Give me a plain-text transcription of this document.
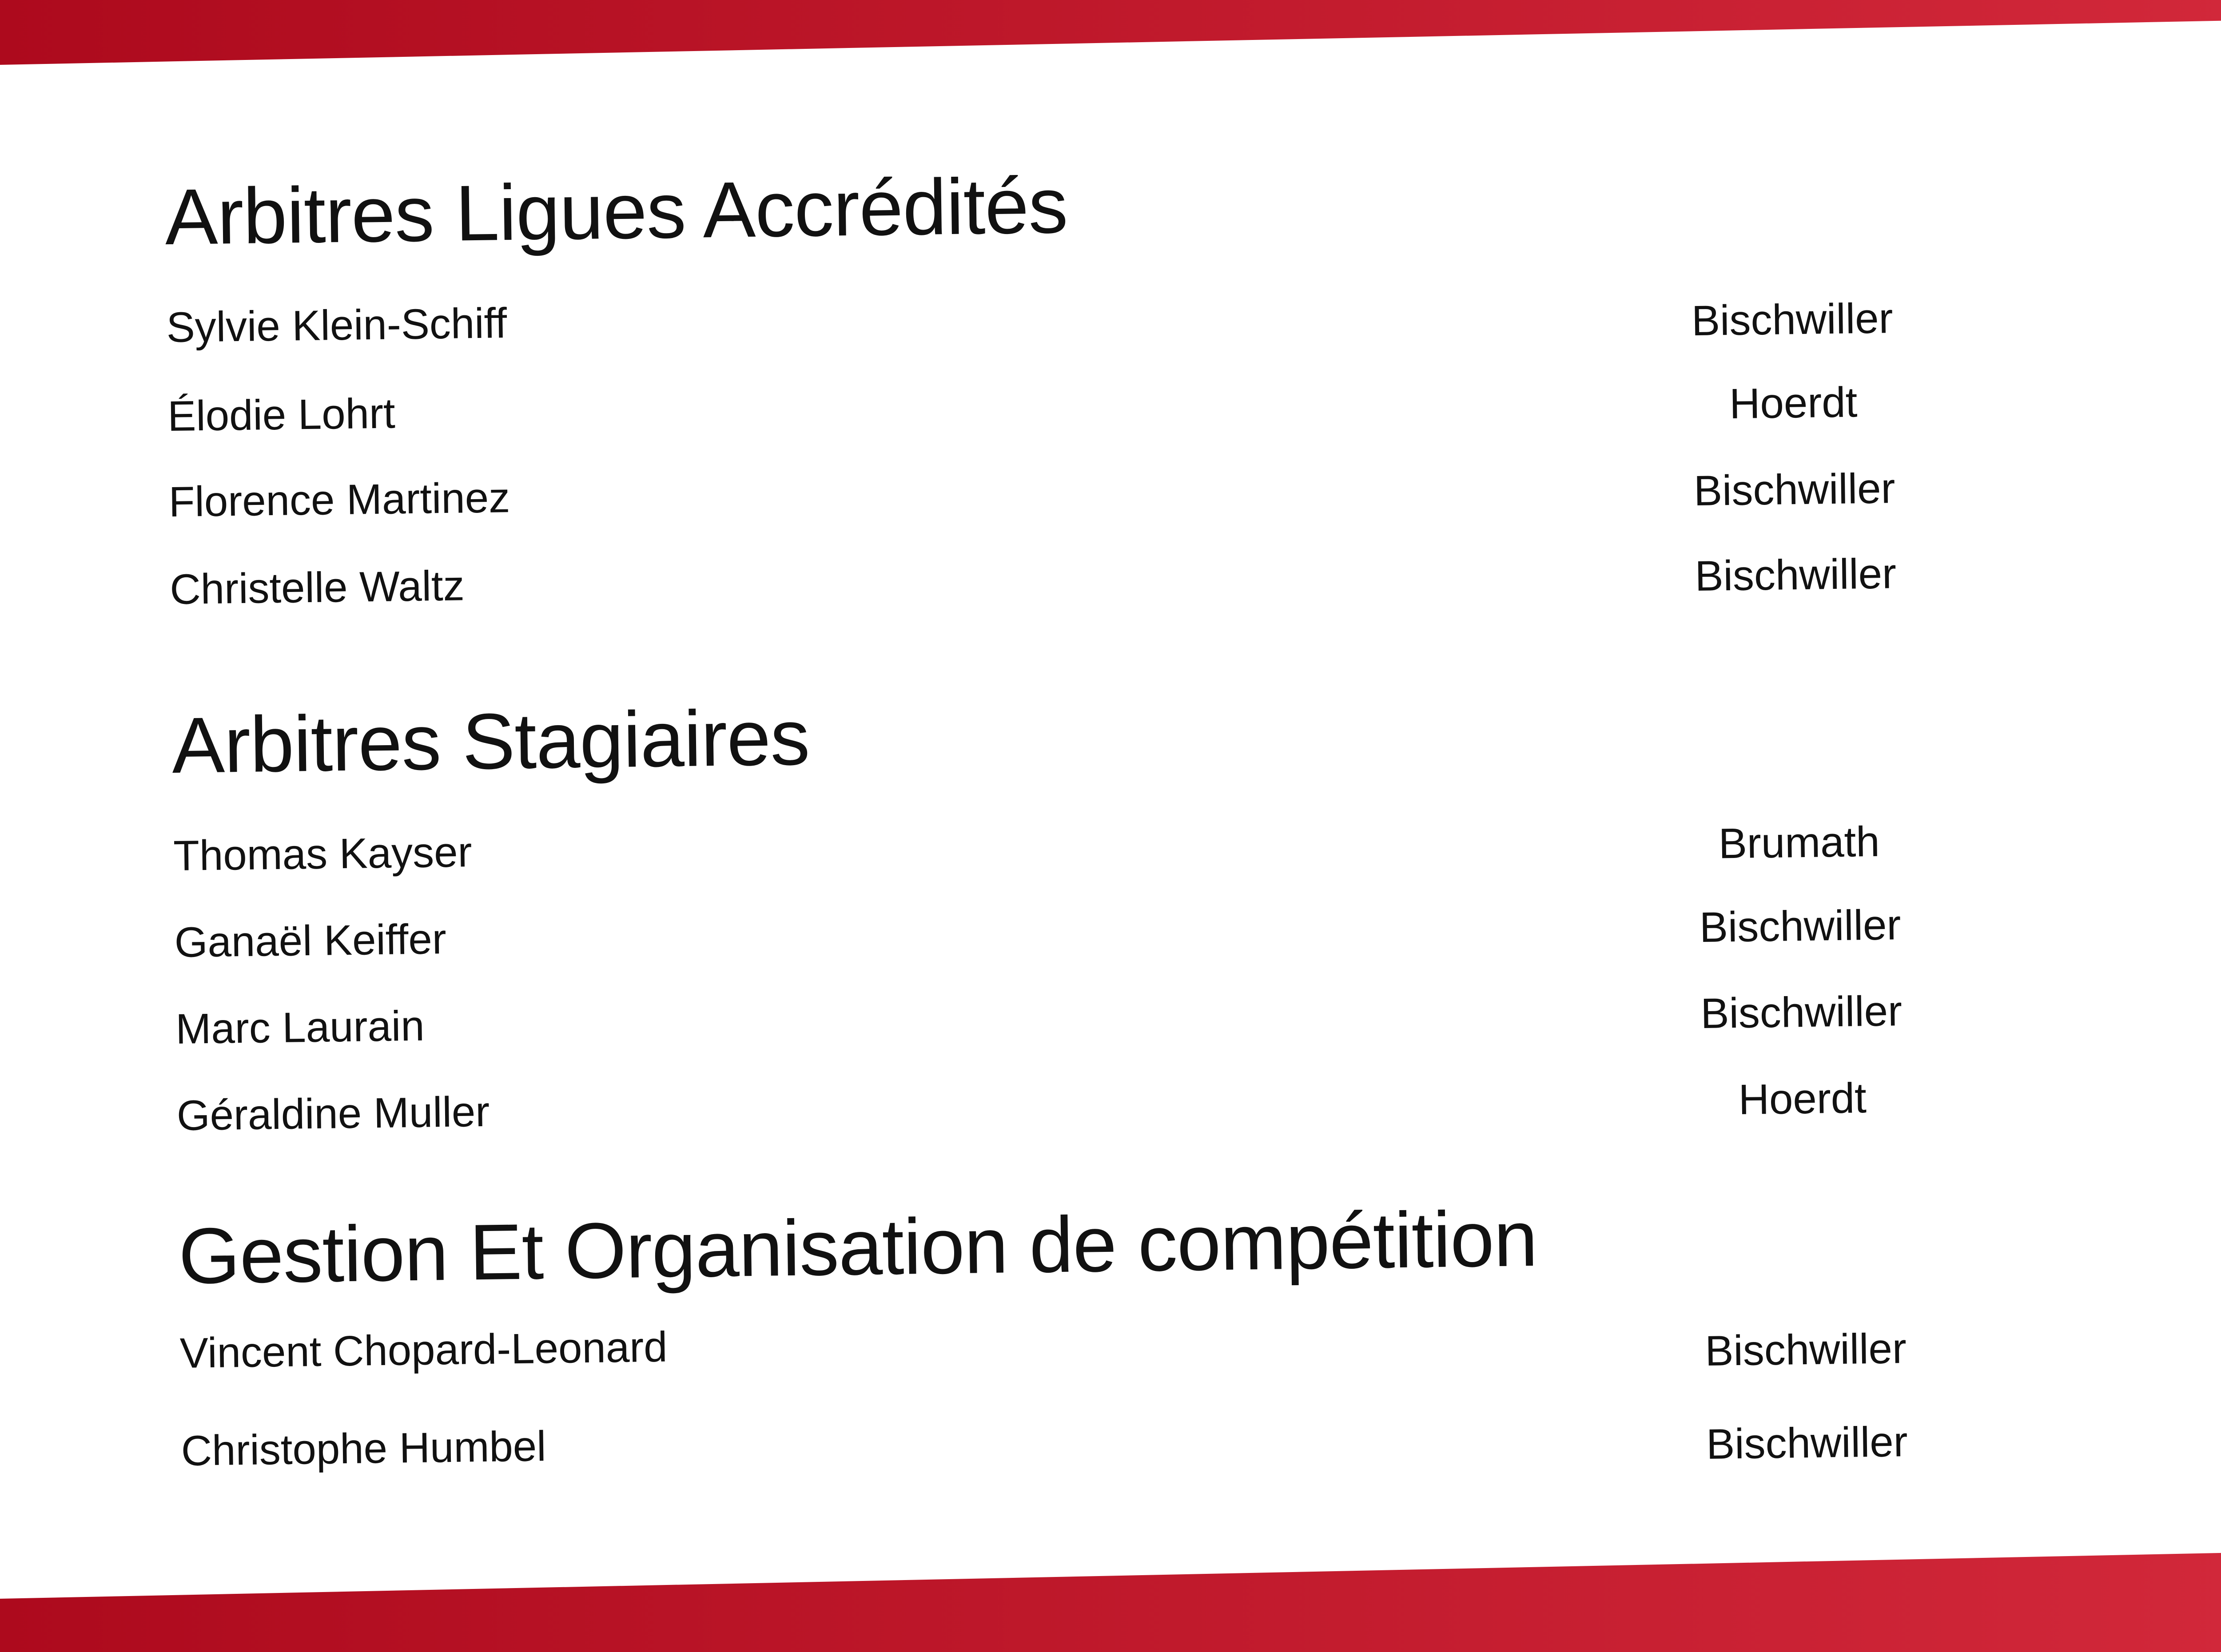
Arbitres Ligues Accrédités
Sylvie Klein-Schiff	Bischwiller
Élodie Lohrt	Hoerdt
Florence Martinez	Bischwiller
Christelle Waltz	Bischwiller
Arbitres Stagiaires
Thomas Kayser	Brumath
Ganaël Keiffer	Bischwiller
Marc Laurain	Bischwiller
Géraldine Muller	Hoerdt
Gestion Et Organisation de compétition
Vincent Chopard-Leonard	Bischwiller
Christophe Humbel	Bischwiller
